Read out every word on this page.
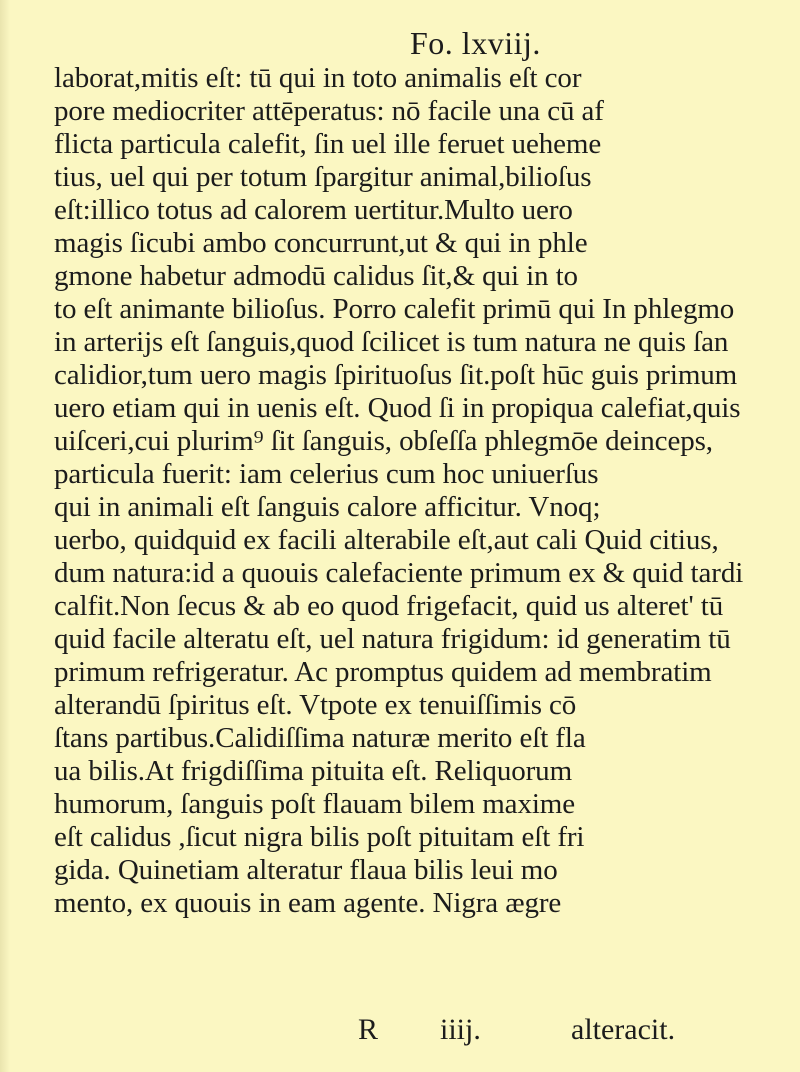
Fo. lxviij.
laborat,mitis eſt: tū qui in toto animalis eſt cor
pore mediocriter attēperatus: nō facile una cū af
flicta particula calefit, ſin uel ille feruet ueheme
tius, uel qui per totum ſpargitur animal,bilioſus
eſt:illico totus ad calorem uertitur.Multo uero
magis ſicubi ambo concurrunt,ut & qui in phle
gmone habetur admodū calidus ſit,& qui in to
to eſt animante bilioſus. Porro calefit primū qui In phlegmo
in arterijs eſt ſanguis,quod ſcilicet is tum natura ne quis ſan
calidior,tum uero magis ſpirituoſus ſit.poſt hūc guis primum
uero etiam qui in uenis eſt. Quod ſi in propiqua calefiat,quis
uiſceri,cui plurim⁹ ſit ſanguis, obſeſſa phlegmōe deinceps,
particula fuerit: iam celerius cum hoc uniuerſus
qui in animali eſt ſanguis calore afficitur. Vnoq;
uerbo, quidquid ex facili alterabile eſt,aut cali Quid citius,
dum natura:id a quouis calefaciente primum ex & quid tardi
calfit.Non ſecus & ab eo quod frigefacit, quid us alteret' tū
quid facile alteratu eſt, uel natura frigidum: id generatim tū
primum refrigeratur. Ac promptus quidem ad membratim
alterandū ſpiritus eſt. Vtpote ex tenuiſſimis cō
ſtans partibus.Calidiſſima naturæ merito eſt fla
ua bilis.At frigdiſſima pituita eſt. Reliquorum
humorum, ſanguis poſt flauam bilem maxime
eſt calidus ,ſicut nigra bilis poſt pituitam eſt fri
gida. Quinetiam alteratur flaua bilis leui mo
mento, ex quouis in eam agente. Nigra ægre
R iiij.	alteracit.
